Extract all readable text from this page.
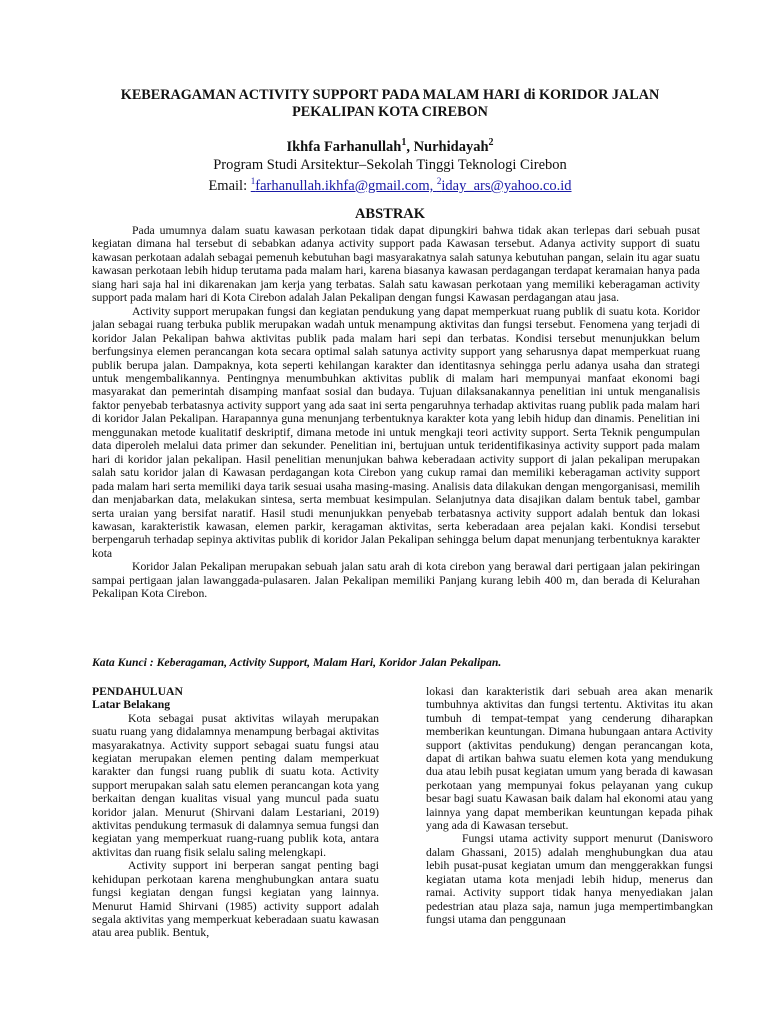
KEBERAGAMAN ACTIVITY SUPPORT PADA MALAM HARI di KORIDOR JALAN
PEKALIPAN KOTA CIREBON
Ikhfa Farhanullah$^1$, Nurhidayah$^2$
Program Studi Arsitektur–Sekolah Tinggi Teknologi Cirebon
Email: $^1$farhanullah.ikhfa@gmail.com, $^2$iday_ars@yahoo.co.id
ABSTRAK

Pada umumnya dalam suatu kawasan perkotaan tidak dapat dipungkiri bahwa tidak akan terlepas dari sebuah pusat kegiatan dimana hal tersebut di sebabkan adanya activity support pada Kawasan tersebut. Adanya activity support di suatu kawasan perkotaan adalah sebagai pemenuh kebutuhan bagi masyarakatnya salah satunya kebutuhan pangan, selain itu agar suatu kawasan perkotaan lebih hidup terutama pada malam hari, karena biasanya kawasan perdagangan terdapat keramaian hanya pada siang hari saja hal ini dikarenakan jam kerja yang terbatas. Salah satu kawasan perkotaan yang memiliki keberagaman activity support pada malam hari di Kota Cirebon adalah Jalan Pekalipan dengan fungsi Kawasan perdagangan atau jasa.

Activity support merupakan fungsi dan kegiatan pendukung yang dapat memperkuat ruang publik di suatu kota. Koridor jalan sebagai ruang terbuka publik merupakan wadah untuk menampung aktivitas dan fungsi tersebut. Fenomena yang terjadi di koridor Jalan Pekalipan bahwa aktivitas publik pada malam hari sepi dan terbatas. Kondisi tersebut menunjukkan belum berfungsinya elemen perancangan kota secara optimal salah satunya activity support yang seharusnya dapat memperkuat ruang publik berupa jalan. Dampaknya, kota seperti kehilangan karakter dan identitasnya sehingga perlu adanya usaha dan strategi untuk mengembalikannya. Pentingnya menumbuhkan aktivitas publik di malam hari mempunyai manfaat ekonomi bagi masyarakat dan pemerintah disamping manfaat sosial dan budaya. Tujuan dilaksanakannya penelitian ini untuk menganalisis faktor penyebab terbatasnya activity support yang ada saat ini serta pengaruhnya terhadap aktivitas ruang publik pada malam hari di koridor Jalan Pekalipan. Harapannya guna menunjang terbentuknya karakter kota yang lebih hidup dan dinamis. Penelitian ini menggunakan metode kualitatif deskriptif, dimana metode ini untuk mengkaji teori activity support. Serta Teknik pengumpulan data diperoleh melalui data primer dan sekunder. Penelitian ini, bertujuan untuk teridentifikasinya activity support pada malam hari di koridor jalan pekalipan. Hasil penelitian menunjukan bahwa keberadaan activity support di jalan pekalipan merupakan salah satu koridor jalan di Kawasan perdagangan kota Cirebon yang cukup ramai dan memiliki keberagaman activity support pada malam hari serta memiliki daya tarik sesuai usaha masing-masing. Analisis data dilakukan dengan mengorganisasi, memilih dan menjabarkan data, melakukan sintesa, serta membuat kesimpulan. Selanjutnya data disajikan dalam bentuk tabel, gambar serta uraian yang bersifat naratif. Hasil studi menunjukkan penyebab terbatasnya activity support adalah bentuk dan lokasi kawasan, karakteristik kawasan, elemen parkir, keragaman aktivitas, serta keberadaan area pejalan kaki. Kondisi tersebut berpengaruh terhadap sepinya aktivitas publik di koridor Jalan Pekalipan sehingga belum dapat menunjang terbentuknya karakter kota

Koridor Jalan Pekalipan merupakan sebuah jalan satu arah di kota cirebon yang berawal dari pertigaan jalan pekiringan sampai pertigaan jalan lawanggada-pulasaren. Jalan Pekalipan memiliki Panjang kurang lebih 400 m, dan berada di Kelurahan Pekalipan Kota Cirebon.

Kata Kunci : Keberagaman, Activity Support, Malam Hari, Koridor Jalan Pekalipan.
PENDAHULUAN
Latar Belakang

Kota sebagai pusat aktivitas wilayah merupakan suatu ruang yang didalamnya menampung berbagai aktivitas masyarakatnya. Activity support sebagai suatu fungsi atau kegiatan merupakan elemen penting dalam memperkuat karakter dan fungsi ruang publik di suatu kota. Activity support merupakan salah satu elemen perancangan kota yang berkaitan dengan kualitas visual yang muncul pada suatu koridor jalan. Menurut (Shirvani dalam Lestariani, 2019) aktivitas pendukung termasuk di dalamnya semua fungsi dan kegiatan yang memperkuat ruang-ruang publik kota, antara aktivitas dan ruang fisik selalu saling melengkapi.

Activity support ini berperan sangat penting bagi kehidupan perkotaan karena menghubungkan antara suatu fungsi kegiatan dengan fungsi kegiatan yang lainnya. Menurut Hamid Shirvani (1985) activity support adalah segala aktivitas yang memperkuat keberadaan suatu kawasan atau area publik. Bentuk,

lokasi dan karakteristik dari sebuah area akan menarik tumbuhnya aktivitas dan fungsi tertentu. Aktivitas itu akan tumbuh di tempat-tempat yang cenderung diharapkan memberikan keuntungan. Dimana hubungaan antara Activity support (aktivitas pendukung) dengan perancangan kota, dapat di artikan bahwa suatu elemen kota yang mendukung dua atau lebih pusat kegiatan umum yang berada di kawasan perkotaan yang mempunyai fokus pelayanan yang cukup besar bagi suatu Kawasan baik dalam hal ekonomi atau yang lainnya yang dapat memberikan keuntungan kepada pihak yang ada di Kawasan tersebut.

Fungsi utama activity support menurut (Danisworo dalam Ghassani, 2015) adalah menghubungkan dua atau lebih pusat-pusat kegiatan umum dan menggerakkan fungsi kegiatan utama kota menjadi lebih hidup, menerus dan ramai. Activity support tidak hanya menyediakan jalan pedestrian atau plaza saja, namun juga mempertimbangkan fungsi utama dan penggunaan
